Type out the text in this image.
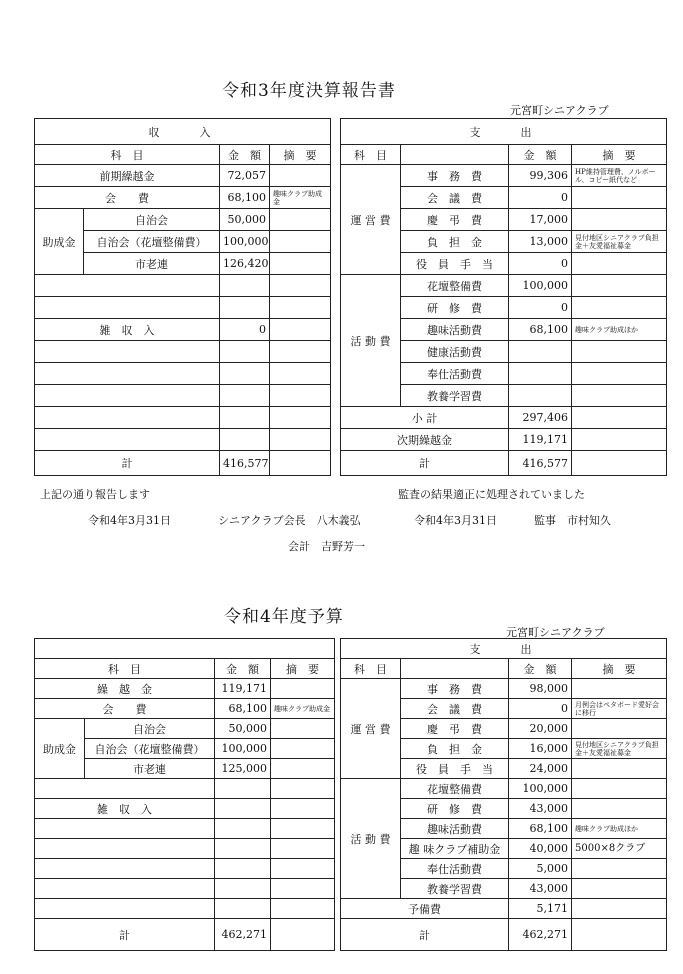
令和3年度決算報告書
元宮町シニアクラブ
収　　入			
科　目		金　額	摘　要
前期繰越金		72,057	
会　　費		68,100	趣味クラブ助成金
助成金	自治会	50,000	
	自治会（花壇整備費）	100,000	
	市老連	126,420	

雑　収　入		0	

計		416,577	
支　　出			
科　目		金　額	摘　要
運 営 費	事　務　費	99,306	HP維持管理費、ノルボール、コピー紙代など
	会　議　費	0	
	慶　弔　費	17,000	
	負　担　金	13,000	見付地区シニアクラブ負担金＋友愛福祉募金
	役　員　手　当	0	
活 動 費	花壇整備費	100,000	
	研　修　費	0	
	趣味活動費	68,100	趣味クラブ助成ほか
	健康活動費		
	奉仕活動費		
	教養学習費		
小 計		297,406	
次期繰越金		119,171	
計		416,577	
上記の通り報告します	監査の結果適正に処理されていました
令和4年3月31日	シニアクラブ会長　八木義弘	令和4年3月31日	監事　市村知久
会計　吉野芳一
令和4年度予算
元宮町シニアクラブ

科　目		金　額	摘　要
繰　越　金		119,171	
会　　費		68,100	趣味クラブ助成金
助成金	自治会	50,000	
	自治会（花壇整備費）	100,000	
	市老連	125,000	

雑　収　入			

計		462,271	
支　　出			
科　目		金　額	摘　要
運 営 費	事　務　費	98,000	
	会　議　費	0	月例会はペタボード愛好会に移行
	慶　弔　費	20,000	
	負　担　金	16,000	見付地区シニアクラブ負担金＋友愛福祉募金
	役　員　手　当	24,000	
活 動 費	花壇整備費	100,000	
	研　修　費	43,000	
	趣味活動費	68,100	趣味クラブ助成ほか
	趣 味クラブ補助金	40,000	5000×8クラブ
	奉仕活動費	5,000	
	教養学習費	43,000	
予備費		5,171	
計		462,271	
